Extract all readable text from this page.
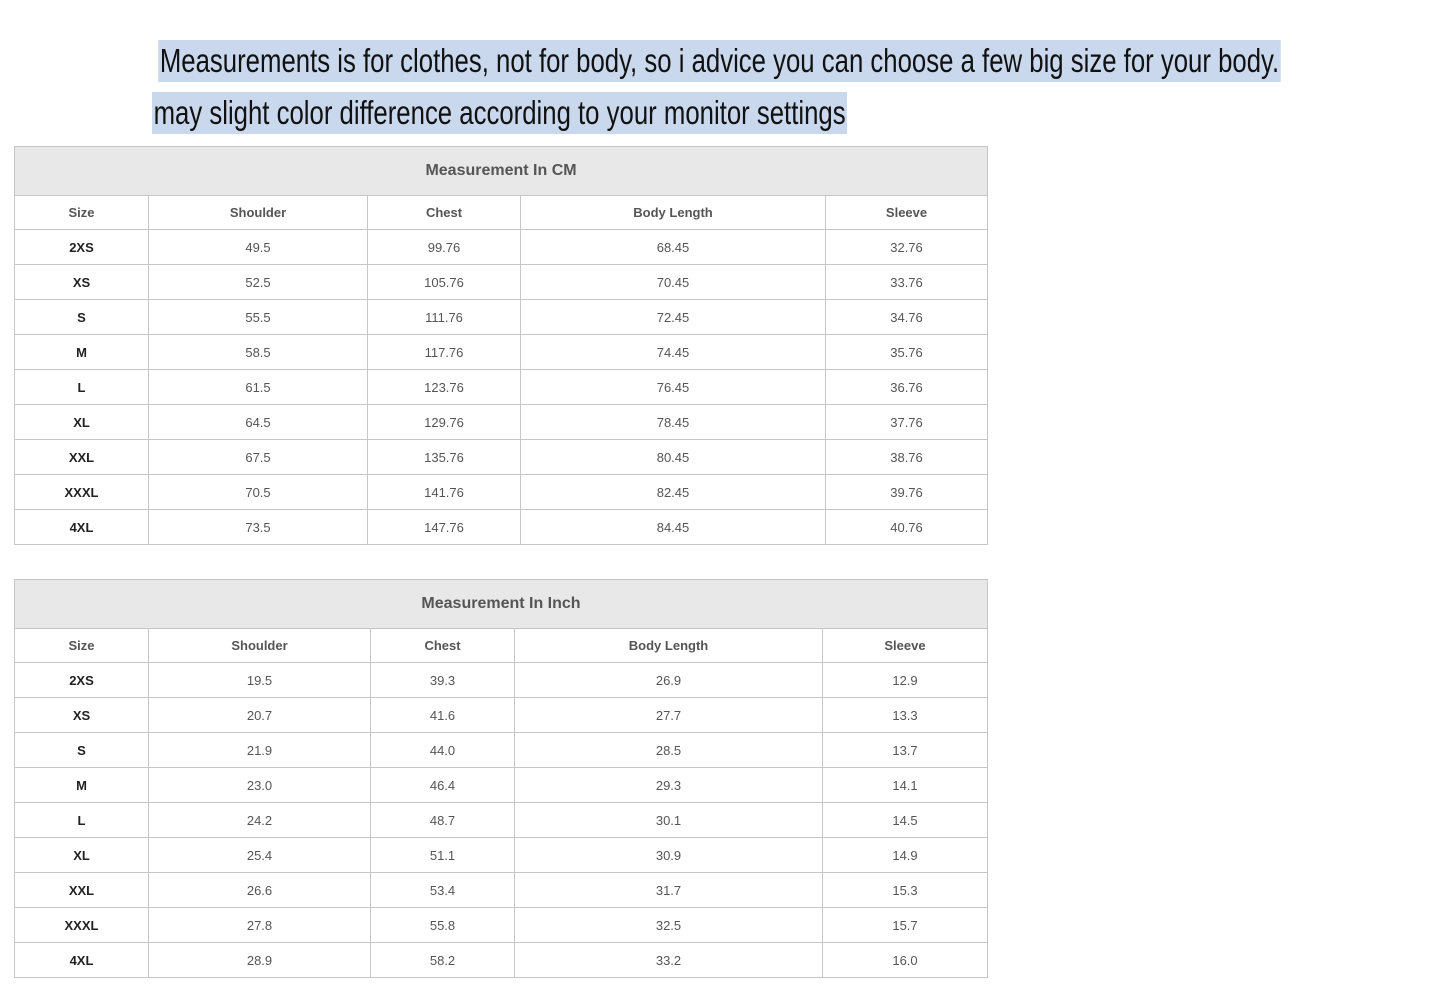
Measurements is for clothes, not for body, so i advice you can choose a few big size for your body.
may slight color difference according to your monitor settings
Measurement In CM				
Size	Shoulder	Chest	Body Length	Sleeve
2XS	49.5	99.76	68.45	32.76
XS	52.5	105.76	70.45	33.76
S	55.5	111.76	72.45	34.76
M	58.5	117.76	74.45	35.76
L	61.5	123.76	76.45	36.76
XL	64.5	129.76	78.45	37.76
XXL	67.5	135.76	80.45	38.76
XXXL	70.5	141.76	82.45	39.76
4XL	73.5	147.76	84.45	40.76
Measurement In Inch				
Size	Shoulder	Chest	Body Length	Sleeve
2XS	19.5	39.3	26.9	12.9
XS	20.7	41.6	27.7	13.3
S	21.9	44.0	28.5	13.7
M	23.0	46.4	29.3	14.1
L	24.2	48.7	30.1	14.5
XL	25.4	51.1	30.9	14.9
XXL	26.6	53.4	31.7	15.3
XXXL	27.8	55.8	32.5	15.7
4XL	28.9	58.2	33.2	16.0
